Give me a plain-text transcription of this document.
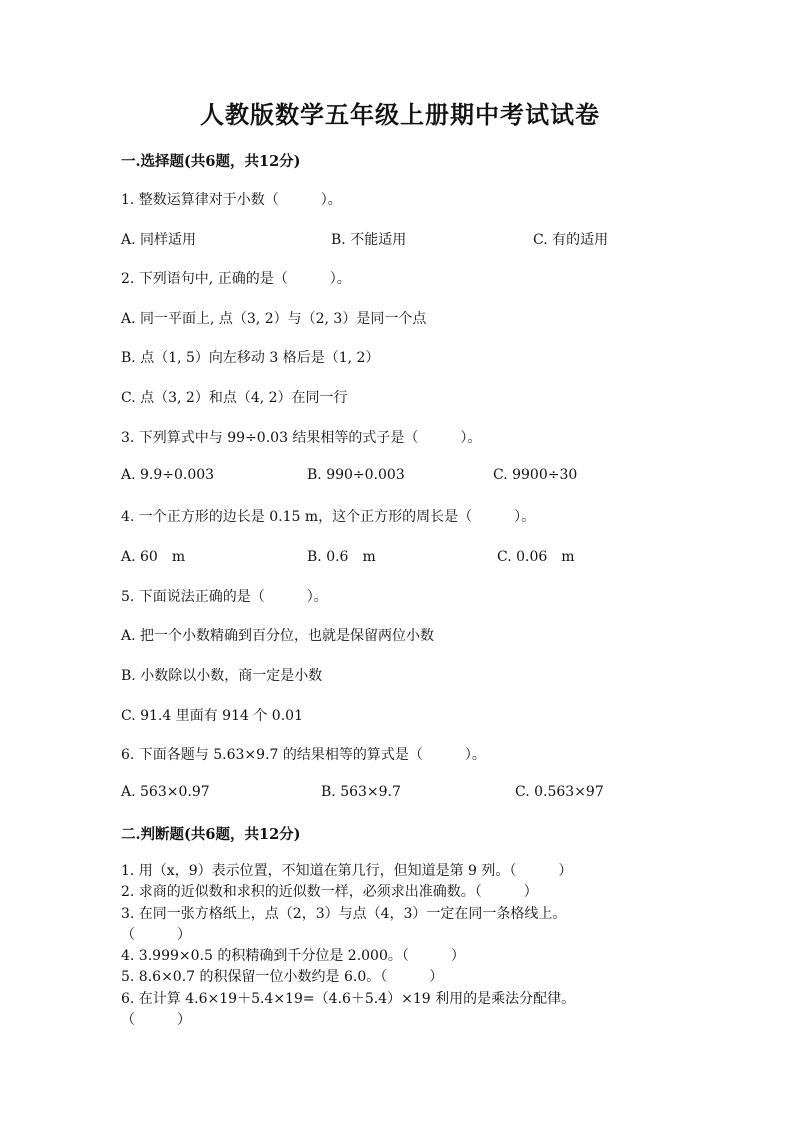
人教版数学五年级上册期中考试试卷
一.选择题(共6题，共12分)
1. 整数运算律对于小数（　　　）。
A. 同样适用	B. 不能适用	C. 有的适用
2. 下列语句中, 正确的是（　　　）。
A. 同一平面上, 点（3, 2）与（2, 3）是同一个点
B. 点（1, 5）向左移动 3 格后是（1, 2）
C. 点（3, 2）和点（4, 2）在同一行
3. 下列算式中与 99÷0.03 结果相等的式子是（　　　）。
A. 9.9÷0.003	B. 990÷0.003	C. 9900÷30
4. 一个正方形的边长是 0.15 m，这个正方形的周长是（　　　）。
A. 60　m	B. 0.6　m	C. 0.06　m
5. 下面说法正确的是（　　　）。
A. 把一个小数精确到百分位，也就是保留两位小数
B. 小数除以小数，商一定是小数
C. 91.4 里面有 914 个 0.01
6. 下面各题与 5.63×9.7 的结果相等的算式是（　　　）。
A. 563×0.97	B. 563×9.7	C. 0.563×97
二.判断题(共6题，共12分)
1. 用（x，9）表示位置，不知道在第几行，但知道是第 9 列。（　　　）
2. 求商的近似数和求积的近似数一样，必须求出准确数。（　　　）
3. 在同一张方格纸上，点（2，3）与点（4，3）一定在同一条格线上。
（　　　）
4. 3.999×0.5 的积精确到千分位是 2.000。（　　　）
5. 8.6×0.7 的积保留一位小数约是 6.0。（　　　）
6. 在计算 4.6×19＋5.4×19=（4.6＋5.4）×19 利用的是乘法分配律。
（　　　）
